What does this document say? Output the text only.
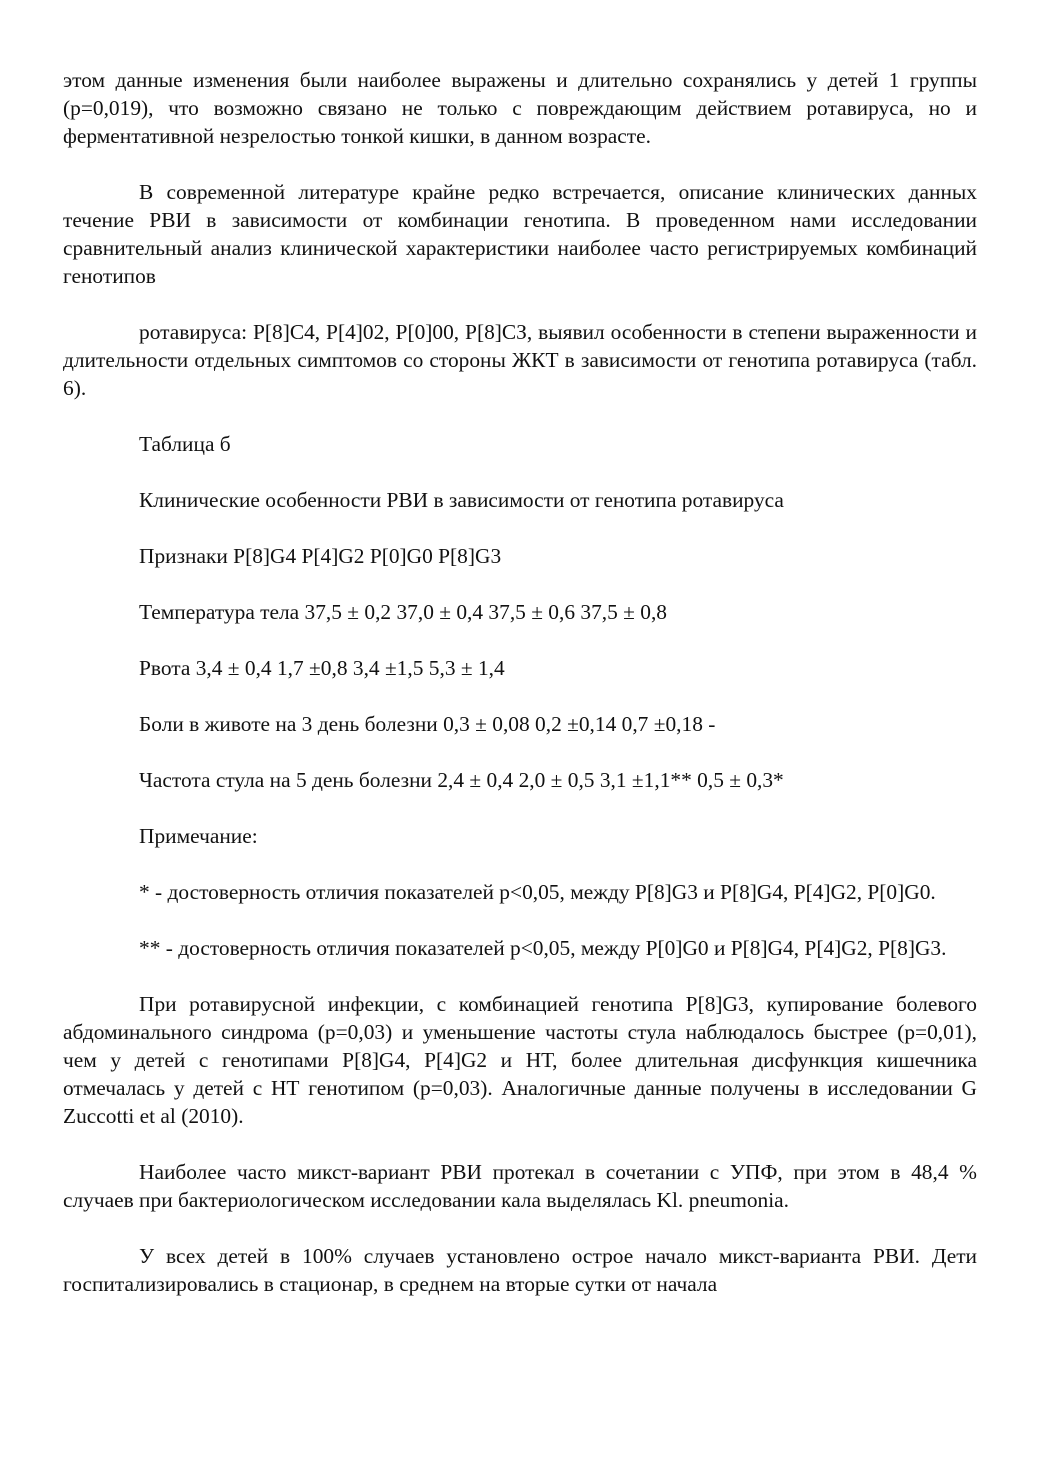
этом данные изменения были наиболее выражены и длительно сохранялись у детей 1 группы (p=0,019), что возможно связано не только с повреждающим действием ротавируса, но и ферментативной незрелостью тонкой кишки, в данном возрасте.

В современной литературе крайне редко встречается, описание клинических данных течение РВИ в зависимости от комбинации генотипа. В проведенном нами исследовании сравнительный анализ клинической характеристики наиболее часто регистрируемых комбинаций генотипов

ротавируса: P[8]C4, P[4]02, P[0]00, P[8]CЗ, выявил особенности в степени выраженности и длительности отдельных симптомов со стороны ЖКТ в зависимости от генотипа ротавируса (табл. 6).

Таблица б
Клинические особенности РВИ в зависимости от генотипа ротавируса
Признаки P[8]G4 P[4]G2 P[0]G0 P[8]G3
Температура тела 37,5 ± 0,2 37,0 ± 0,4 37,5 ± 0,6 37,5 ± 0,8
Рвота 3,4 ± 0,4 1,7 ±0,8 3,4 ±1,5 5,3 ± 1,4
Боли в животе на 3 день болезни 0,3 ± 0,08 0,2 ±0,14 0,7 ±0,18 -
Частота стула на 5 день болезни 2,4 ± 0,4 2,0 ± 0,5 3,1 ±1,1** 0,5 ± 0,3*
Примечание:

* - достоверность отличия показателей p<0,05, между P[8]G3 и P[8]G4, P[4]G2, P[0]G0.

** - достоверность отличия показателей p<0,05, между P[0]G0 и P[8]G4, P[4]G2, P[8]G3.

При ротавирусной инфекции, с комбинацией генотипа P[8]G3, купирование болевого абдоминального синдрома (p=0,03) и уменьшение частоты стула наблюдалось быстрее (p=0,01), чем у детей с генотипами P[8]G4, P[4]G2 и НТ, более длительная дисфункция кишечника отмечалась у детей с НТ генотипом (p=0,03). Аналогичные данные получены в исследовании G Zuccotti et al (2010).

Наиболее часто микст-вариант РВИ протекал в сочетании с УПФ, при этом в 48,4 % случаев при бактериологическом исследовании кала выделялась Kl. pneumonia.

У всех детей в 100% случаев установлено острое начало микст-варианта РВИ. Дети госпитализировались в стационар, в среднем на вторые сутки от начала
